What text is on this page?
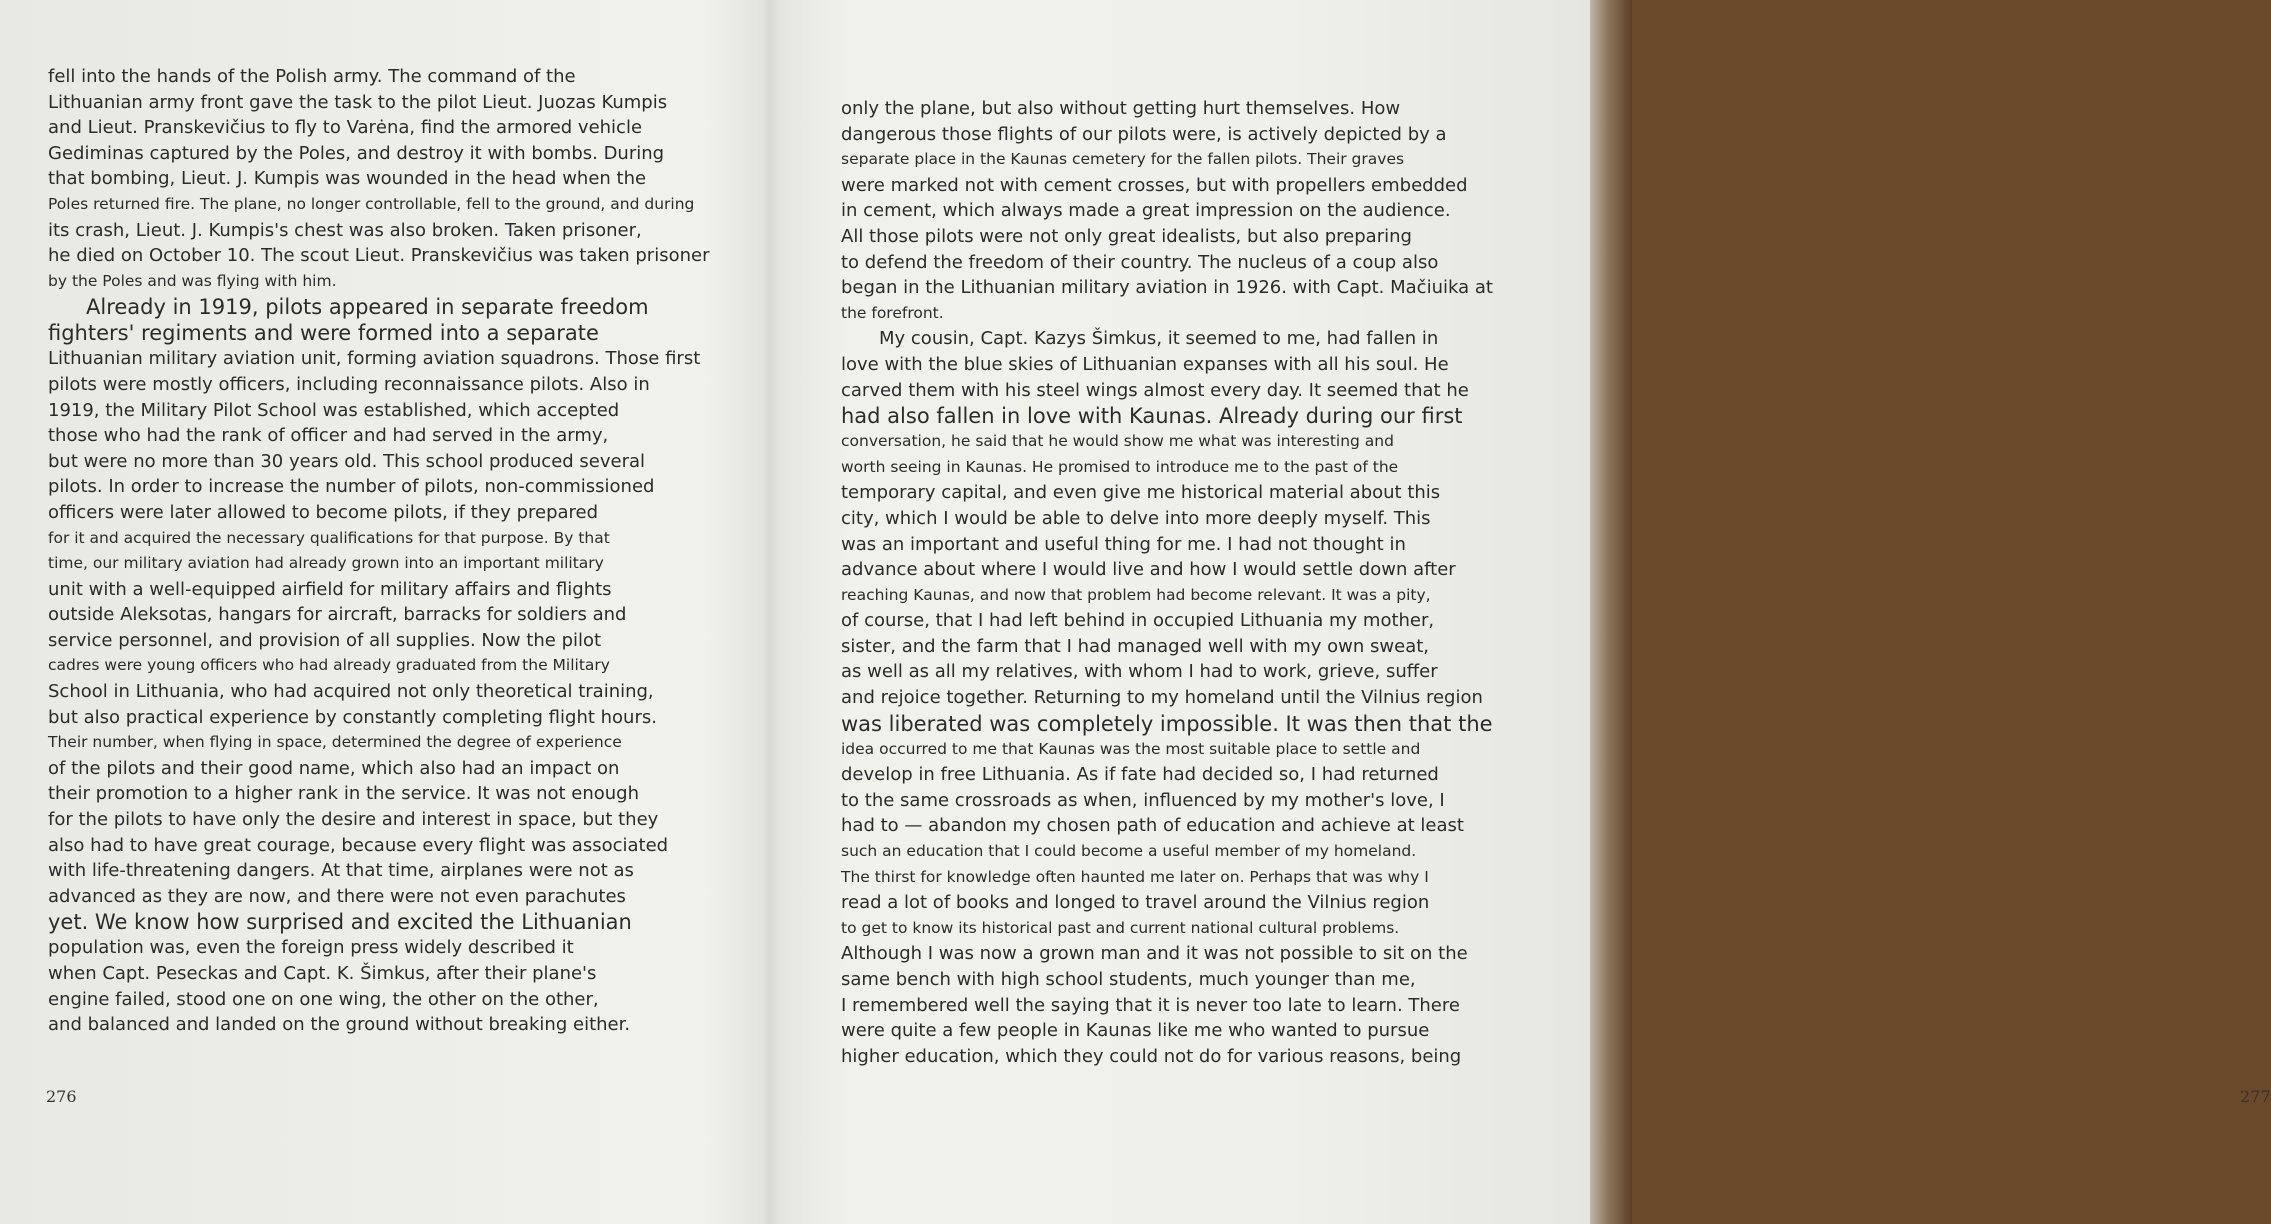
fell into the hands of the Polish army. The command of the
Lithuanian army front gave the task to the pilot Lieut. Juozas Kumpis
and Lieut. Pranskevičius to fly to Varėna, find the armored vehicle
Gediminas captured by the Poles, and destroy it with bombs. During
that bombing, Lieut. J. Kumpis was wounded in the head when the
Poles returned fire. The plane, no longer controllable, fell to the ground, and during
its crash, Lieut. J. Kumpis's chest was also broken. Taken prisoner,
he died on October 10. The scout Lieut. Pranskevičius was taken prisoner
by the Poles and was flying with him.
Already in 1919, pilots appeared in separate freedom
fighters' regiments and were formed into a separate
Lithuanian military aviation unit, forming aviation squadrons. Those first
pilots were mostly officers, including reconnaissance pilots. Also in
1919, the Military Pilot School was established, which accepted
those who had the rank of officer and had served in the army,
but were no more than 30 years old. This school produced several
pilots. In order to increase the number of pilots, non-commissioned
officers were later allowed to become pilots, if they prepared
for it and acquired the necessary qualifications for that purpose. By that
time, our military aviation had already grown into an important military
unit with a well-equipped airfield for military affairs and flights
outside Aleksotas, hangars for aircraft, barracks for soldiers and
service personnel, and provision of all supplies. Now the pilot
cadres were young officers who had already graduated from the Military
School in Lithuania, who had acquired not only theoretical training,
but also practical experience by constantly completing flight hours.
Their number, when flying in space, determined the degree of experience
of the pilots and their good name, which also had an impact on
their promotion to a higher rank in the service. It was not enough
for the pilots to have only the desire and interest in space, but they
also had to have great courage, because every flight was associated
with life-threatening dangers. At that time, airplanes were not as
advanced as they are now, and there were not even parachutes
yet. We know how surprised and excited the Lithuanian
population was, even the foreign press widely described it
when Capt. Peseckas and Capt. K. Šimkus, after their plane's
engine failed, stood one on one wing, the other on the other,
and balanced and landed on the ground without breaking either.
276	277
only the plane, but also without getting hurt themselves. How
dangerous those flights of our pilots were, is actively depicted by a
separate place in the Kaunas cemetery for the fallen pilots. Their graves
were marked not with cement crosses, but with propellers embedded
in cement, which always made a great impression on the audience.
All those pilots were not only great idealists, but also preparing
to defend the freedom of their country. The nucleus of a coup also
began in the Lithuanian military aviation in 1926. with Capt. Mačiuika at
the forefront.
My cousin, Capt. Kazys Šimkus, it seemed to me, had fallen in
love with the blue skies of Lithuanian expanses with all his soul. He
carved them with his steel wings almost every day. It seemed that he
had also fallen in love with Kaunas. Already during our first
conversation, he said that he would show me what was interesting and
worth seeing in Kaunas. He promised to introduce me to the past of the
temporary capital, and even give me historical material about this
city, which I would be able to delve into more deeply myself. This
was an important and useful thing for me. I had not thought in
advance about where I would live and how I would settle down after
reaching Kaunas, and now that problem had become relevant. It was a pity,
of course, that I had left behind in occupied Lithuania my mother,
sister, and the farm that I had managed well with my own sweat,
as well as all my relatives, with whom I had to work, grieve, suffer
and rejoice together. Returning to my homeland until the Vilnius region
was liberated was completely impossible. It was then that the
idea occurred to me that Kaunas was the most suitable place to settle and
develop in free Lithuania. As if fate had decided so, I had returned
to the same crossroads as when, influenced by my mother's love, I
had to — abandon my chosen path of education and achieve at least
such an education that I could become a useful member of my homeland.
The thirst for knowledge often haunted me later on. Perhaps that was why I
read a lot of books and longed to travel around the Vilnius region
to get to know its historical past and current national cultural problems.
Although I was now a grown man and it was not possible to sit on the
same bench with high school students, much younger than me,
I remembered well the saying that it is never too late to learn. There
were quite a few people in Kaunas like me who wanted to pursue
higher education, which they could not do for various reasons, being
